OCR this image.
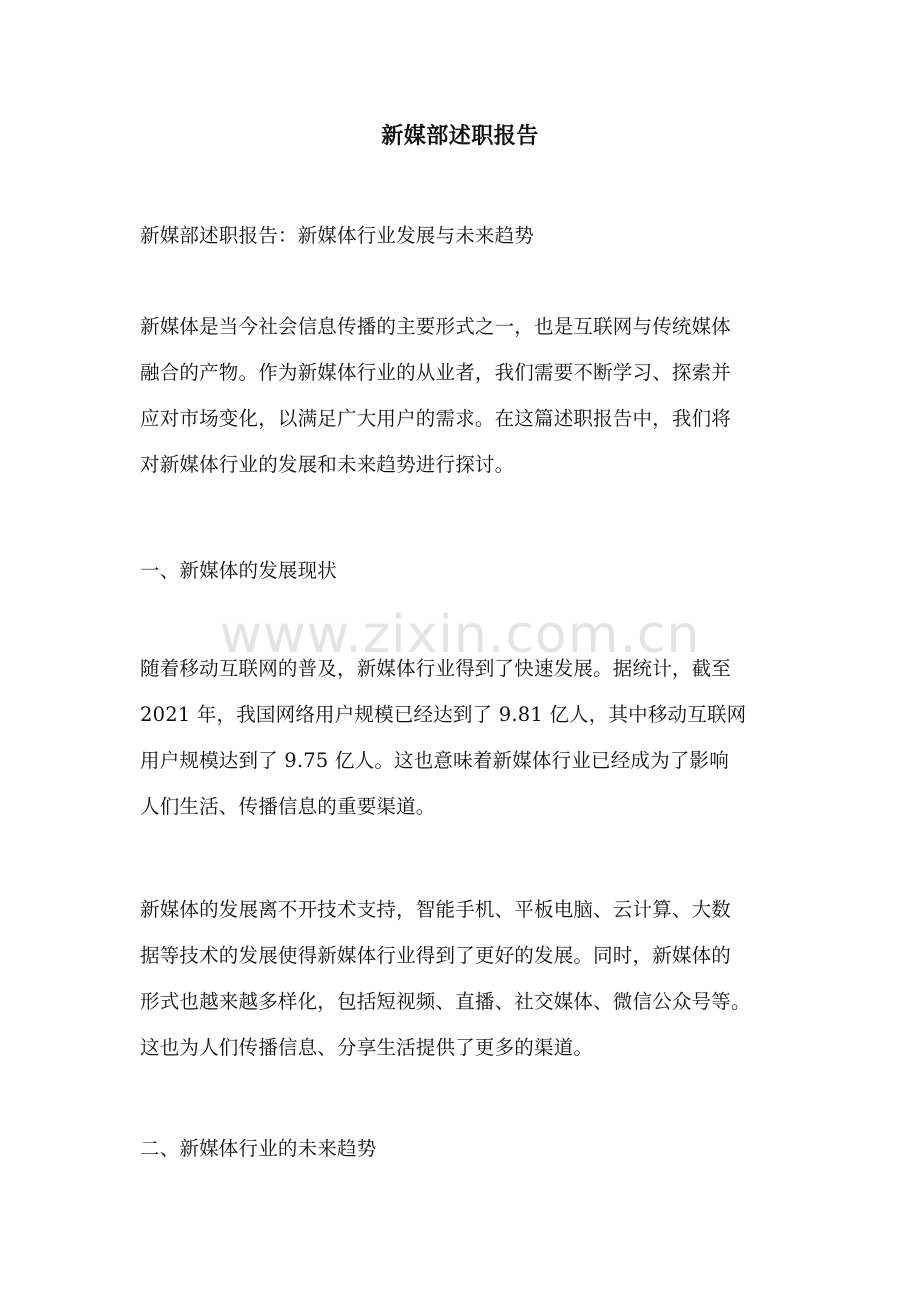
新媒部述职报告
新媒部述职报告：新媒体行业发展与未来趋势
新媒体是当今社会信息传播的主要形式之一，也是互联网与传统媒体
融合的产物。作为新媒体行业的从业者，我们需要不断学习、探索并
应对市场变化，以满足广大用户的需求。在这篇述职报告中，我们将
对新媒体行业的发展和未来趋势进行探讨。
一、新媒体的发展现状
www.zixin.com.cn
随着移动互联网的普及，新媒体行业得到了快速发展。据统计，截至
2021 年，我国网络用户规模已经达到了 9.81 亿人，其中移动互联网
用户规模达到了 9.75 亿人。这也意味着新媒体行业已经成为了影响
人们生活、传播信息的重要渠道。
新媒体的发展离不开技术支持，智能手机、平板电脑、云计算、大数
据等技术的发展使得新媒体行业得到了更好的发展。同时，新媒体的
形式也越来越多样化，包括短视频、直播、社交媒体、微信公众号等。
这也为人们传播信息、分享生活提供了更多的渠道。
二、新媒体行业的未来趋势
